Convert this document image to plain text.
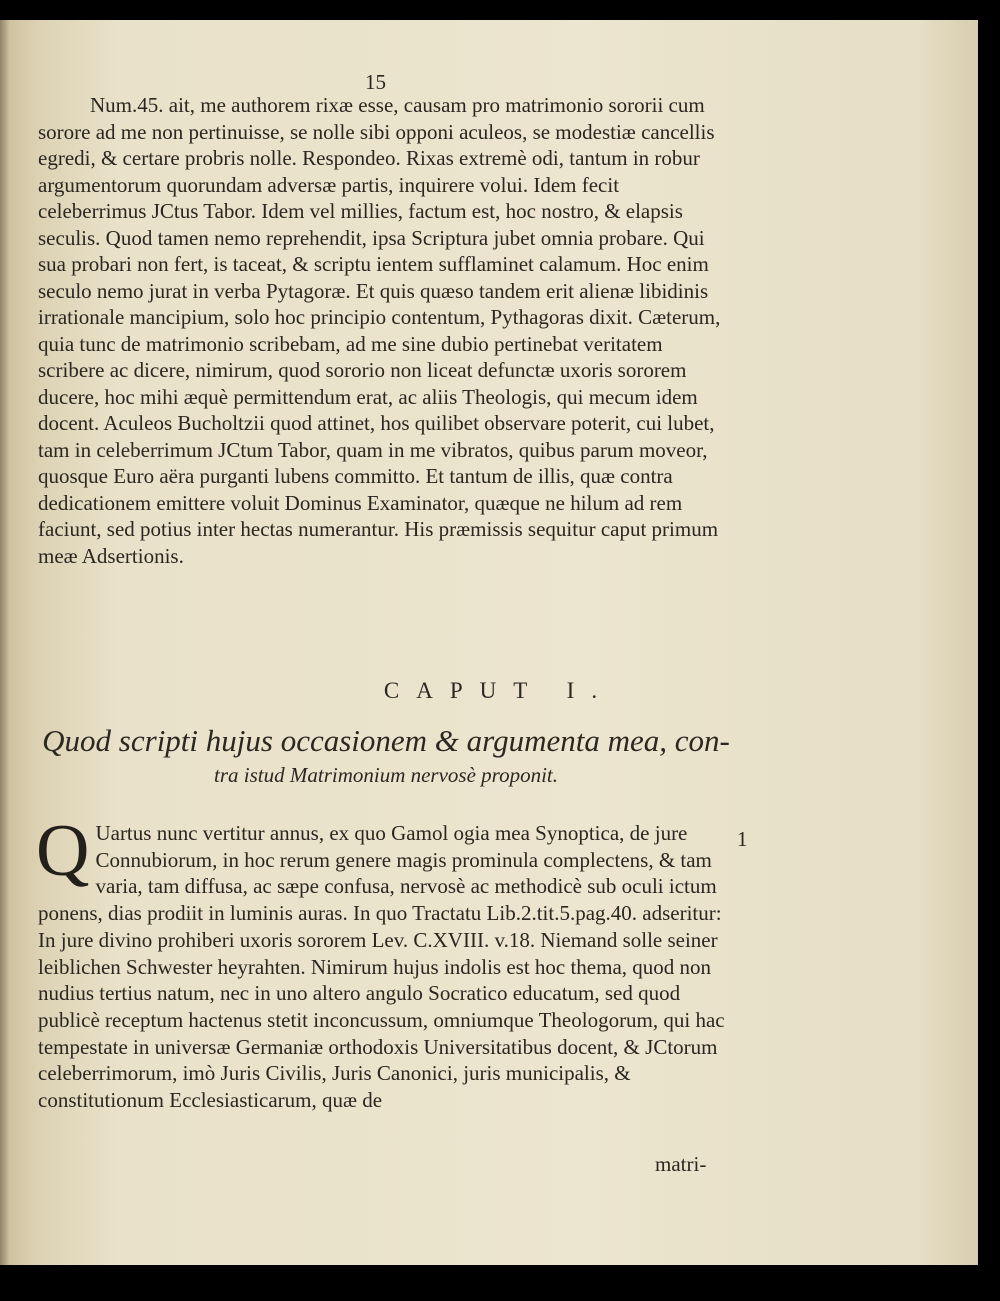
15
Num.45. ait, me authorem rixæ esse, causam pro matrimonio sororii cum sorore ad me non pertinuisse, se nolle sibi opponi aculeos, se modestiæ cancellis egredi, & certare probris nolle. Respondeo. Rixas extremè odi, tantum in robur argumentorum quorundam adversæ partis, inquirere volui. Idem fecit celeberrimus JCtus Tabor. Idem vel millies, factum est, hoc nostro, & elapsis seculis. Quod tamen nemo reprehendit, ipsa Scriptura jubet omnia probare. Qui sua probari non fert, is taceat, & scriptu ientem sufflaminet calamum. Hoc enim seculo nemo jurat in verba Pytagoræ. Et quis quæso tandem erit alienæ libidinis irrationale mancipium, solo hoc principio contentum, Pythagoras dixit. Cæterum, quia tunc de matrimonio scribebam, ad me sine dubio pertinebat veritatem scribere ac dicere, nimirum, quod sororio non liceat defunctæ uxoris sororem ducere, hoc mihi æquè permittendum erat, ac aliis Theologis, qui mecum idem docent. Aculeos Bucholtzii quod attinet, hos quilibet observare poterit, cui lubet, tam in celeberrimum JCtum Tabor, quam in me vibratos, quibus parum moveor, quosque Euro aëra purganti lubens committo. Et tantum de illis, quæ contra dedicationem emittere voluit Dominus Examinator, quæque ne hilum ad rem faciunt, sed potius inter hectas numerantur. His præmissis sequitur caput primum meæ Adsertionis.
CAPUT I.
Quod scripti hujus occasionem & argumenta mea, con-
tra istud Matrimonium nervosè proponit.
Q Uartus nunc vertitur annus, ex quo Gamol ogia mea Synoptica, de jure Connubiorum, in hoc rerum genere magis prominula complectens, & tam varia, tam diffusa, ac sæpe confusa, nervosè ac methodicè sub oculi ictum ponens, dias prodiit in luminis auras. In quo Tractatu Lib.2.tit.5.pag.40. adseritur: In jure divino prohiberi uxoris sororem Lev. C.XVIII. v.18. Niemand solle seiner leiblichen Schwester heyrahten. Nimirum hujus indolis est hoc thema, quod non nudius tertius natum, nec in uno altero angulo Socratico educatum, sed quod publicè receptum hactenus stetit inconcussum, omniumque Theologorum, qui hac tempestate in universæ Germaniæ orthodoxis Universitatibus docent, & JCtorum celeberrimorum, imò Juris Civilis, Juris Canonici, juris municipalis, & constitutionum Ecclesiasticarum, quæ de
1
matri-
